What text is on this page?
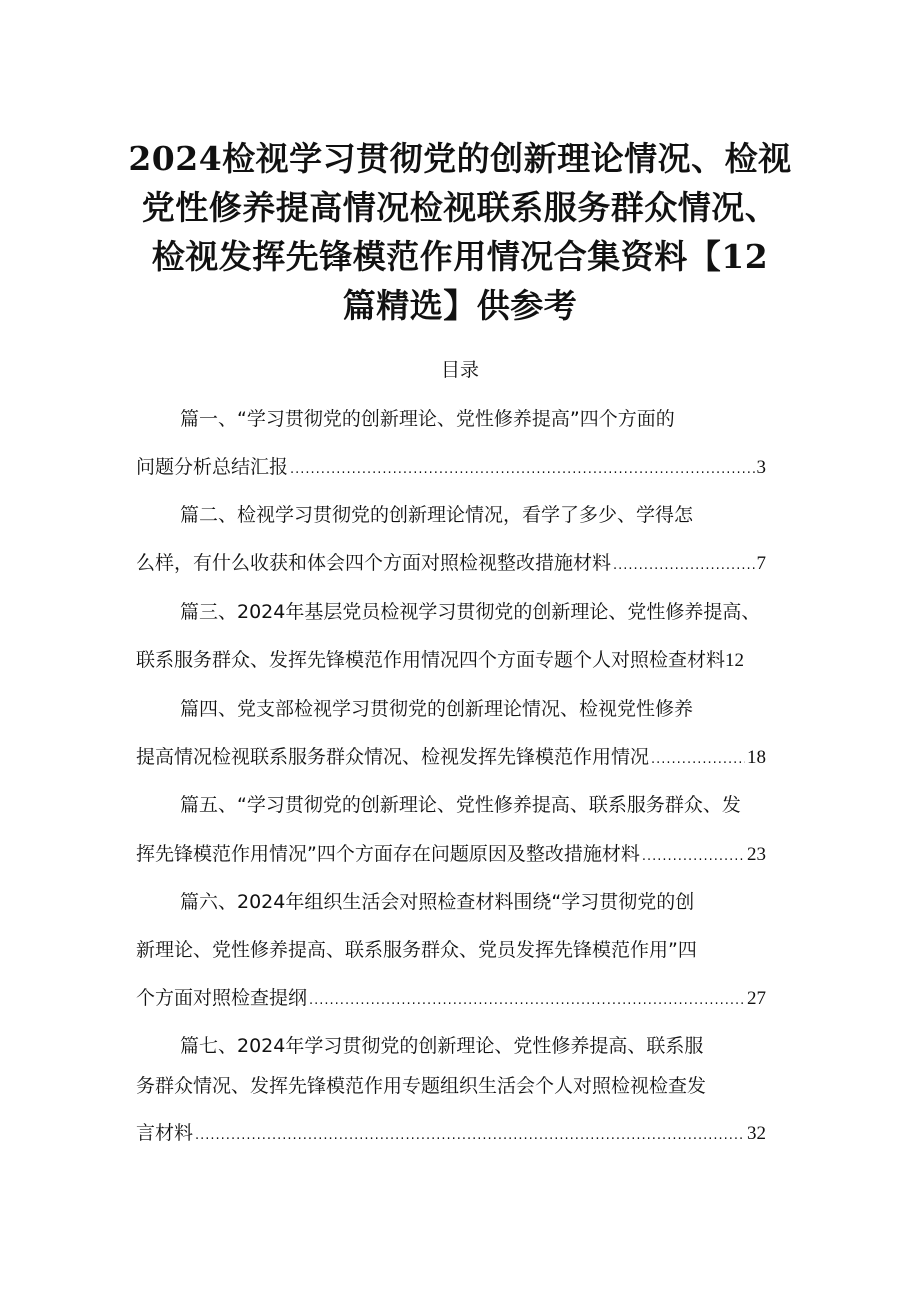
2024检视学习贯彻党的创新理论情况、检视
党性修养提高情况检视联系服务群众情况、
检视发挥先锋模范作用情况合集资料【12
篇精选】供参考
目录
篇一、“学习贯彻党的创新理论、党性修养提高”四个方面的
问题分析总结汇报 .....	3
篇二、检视学习贯彻党的创新理论情况，看学了多少、学得怎
么样，有什么收获和体会四个方面对照检视整改措施材料 .....	7
篇三、2024年基层党员检视学习贯彻党的创新理论、党性修养提高、
联系服务群众、发挥先锋模范作用情况四个方面专题个人对照检查材料 12
篇四、党支部检视学习贯彻党的创新理论情况、检视党性修养
提高情况检视联系服务群众情况、检视发挥先锋模范作用情况 .....	18
篇五、“学习贯彻党的创新理论、党性修养提高、联系服务群众、发
挥先锋模范作用情况”四个方面存在问题原因及整改措施材料 .....	23
篇六、2024年组织生活会对照检查材料围绕“学习贯彻党的创
新理论、党性修养提高、联系服务群众、党员发挥先锋模范作用”四
个方面对照检查提纲 .....	27
篇七、2024年学习贯彻党的创新理论、党性修养提高、联系服
务群众情况、发挥先锋模范作用专题组织生活会个人对照检视检查发
言材料 .....	32
